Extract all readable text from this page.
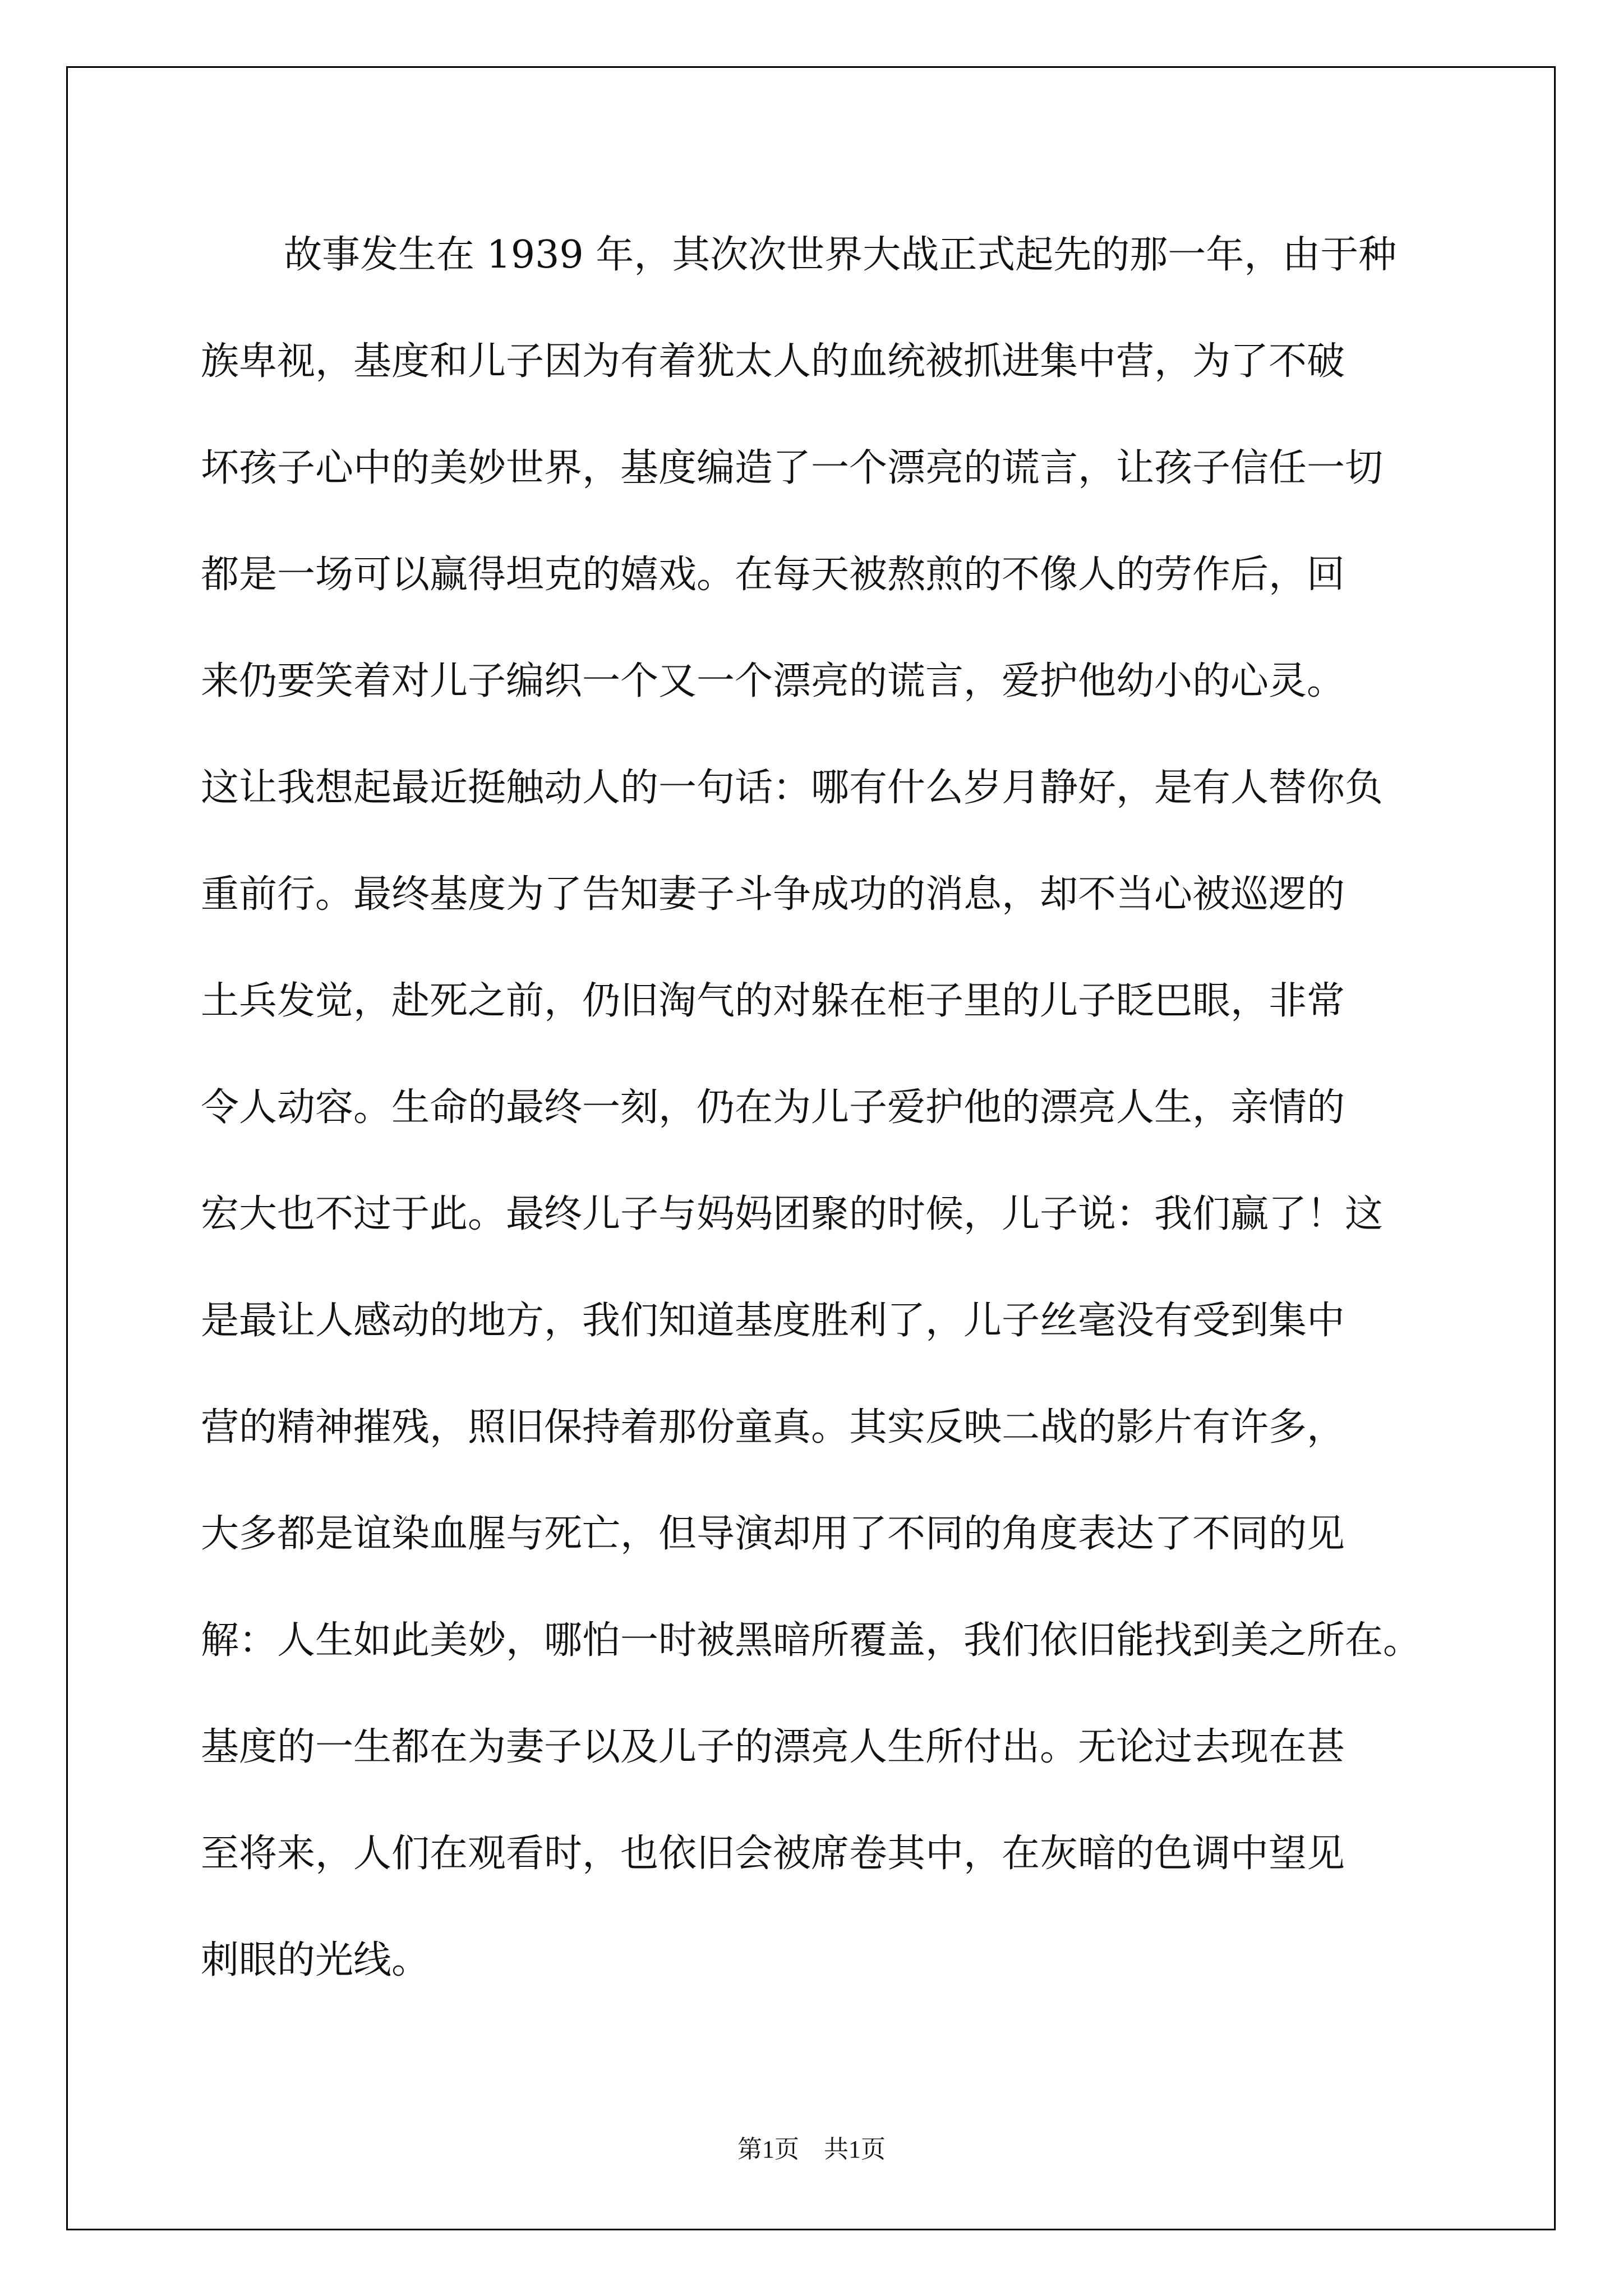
故事发生在 1939 年，其次次世界大战正式起先的那一年，由于种
族卑视，基度和儿子因为有着犹太人的血统被抓进集中营，为了不破
坏孩子心中的美妙世界，基度编造了一个漂亮的谎言，让孩子信任一切
都是一场可以赢得坦克的嬉戏。在每天被熬煎的不像人的劳作后，回
来仍要笑着对儿子编织一个又一个漂亮的谎言，爱护他幼小的心灵。
这让我想起最近挺触动人的一句话：哪有什么岁月静好，是有人替你负
重前行。最终基度为了告知妻子斗争成功的消息，却不当心被巡逻的
土兵发觉，赴死之前，仍旧淘气的对躲在柜子里的儿子眨巴眼，非常
令人动容。生命的最终一刻，仍在为儿子爱护他的漂亮人生，亲情的
宏大也不过于此。最终儿子与妈妈团聚的时候，儿子说：我们赢了！这
是最让人感动的地方，我们知道基度胜利了，儿子丝毫没有受到集中
营的精神摧残，照旧保持着那份童真。其实反映二战的影片有许多，
大多都是谊染血腥与死亡，但导演却用了不同的角度表达了不同的见
解：人生如此美妙，哪怕一时被黑暗所覆盖，我们依旧能找到美之所在。
基度的一生都在为妻子以及儿子的漂亮人生所付出。无论过去现在甚
至将来，人们在观看时，也依旧会被席卷其中，在灰暗的色调中望见
刺眼的光线。
第1页　共1页
